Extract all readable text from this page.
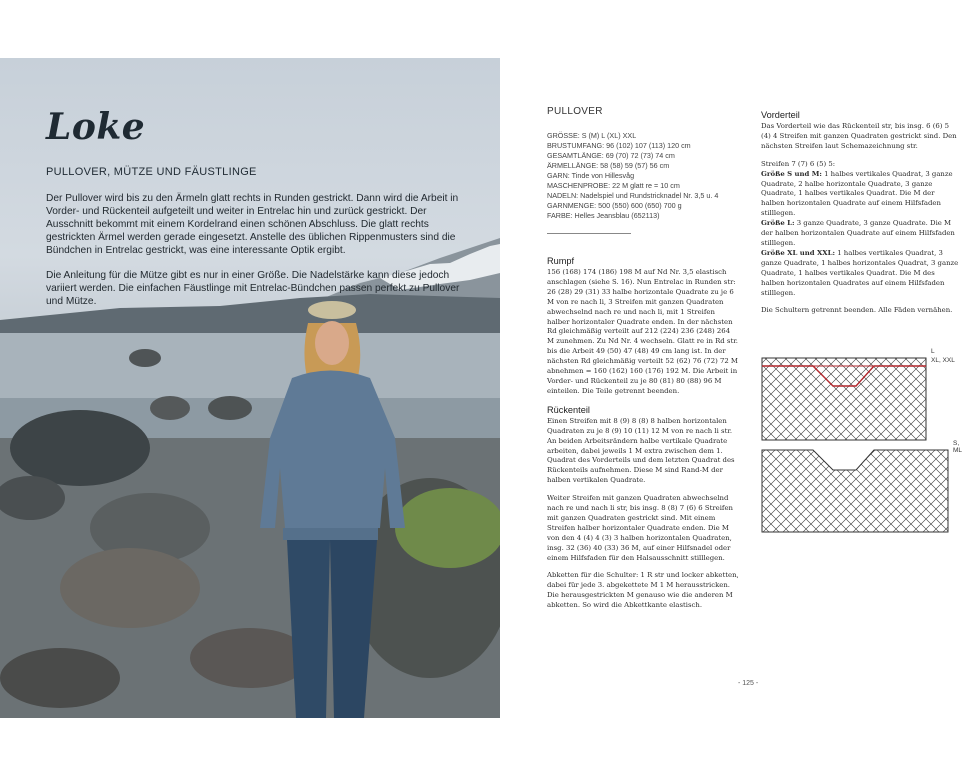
Loke

PULLOVER, MÜTZE UND FÄUSTLINGE

Der Pullover wird bis zu den Ärmeln glatt rechts in Runden gestrickt. Dann wird die Arbeit in Vorder- und Rückenteil aufgeteilt und weiter in Entrelac hin und zurück gestrickt. Der Ausschnitt bekommt mit einem Kordelrand einen schönen Abschluss. Die glatt rechts gestrickten Ärmel werden gerade eingesetzt. Anstelle des üblichen Rippenmusters sind die Bündchen in Entrelac gestrickt, was eine interessante Optik ergibt.

Die Anleitung für die Mütze gibt es nur in einer Größe. Die Nadelstärke kann diese jedoch variiert werden. Die einfachen Fäustlinge mit Entrelac-Bündchen passen perfekt zu Pullover und Mütze.

PULLOVER

GRÖSSE: S (M) L (XL) XXL

BRUSTUMFANG: 96 (102) 107 (113) 120 cm

GESAMTLÄNGE: 69 (70) 72 (73) 74 cm

ÄRMELLÄNGE: 58 (58) 59 (57) 56 cm

GARN: Tinde von Hillesvåg

MASCHENPROBE: 22 M glatt re = 10 cm

NADELN: Nadelspiel und Rundstricknadel Nr. 3,5 u. 4

GARNMENGE: 500 (550) 600 (650) 700 g

FARBE: Helles Jeansblau (652113)

Rumpf

156 (168) 174 (186) 198 M auf Nd Nr. 3,5 elastisch anschlagen (siehe S. 16). Nun Entrelac in Runden str: 26 (28) 29 (31) 33 halbe horizontale Quadrate zu je 6 M von re nach li, 3 Streifen mit ganzen Quadraten abwechselnd nach re und nach li, mit 1 Streifen halber horizontaler Quadrate enden. In der nächsten Rd gleichmäßig verteilt auf 212 (224) 236 (248) 264 M zunehmen. Zu Nd Nr. 4 wechseln. Glatt re in Rd str. bis die Arbeit 49 (50) 47 (48) 49 cm lang ist. In der nächsten Rd gleichmäßig verteilt 52 (62) 76 (72) 72 M abnehmen = 160 (162) 160 (176) 192 M. Die Arbeit in Vorder- und Rückenteil zu je 80 (81) 80 (88) 96 M einteilen. Die Teile getrennt beenden.

Rückenteil

Einen Streifen mit 8 (9) 8 (8) 8 halben horizontalen Quadraten zu je 8 (9) 10 (11) 12 M von re nach li str. An beiden Arbeitsrändern halbe vertikale Quadrate arbeiten, dabei jeweils 1 M extra zwischen dem 1. Quadrat des Vorderteils und dem letzten Quadrat des Rückenteils aufnehmen. Diese M sind Rand-M der halben vertikalen Quadrate.

Weiter Streifen mit ganzen Quadraten abwechselnd nach re und nach li str, bis insg. 8 (8) 7 (6) 6 Streifen mit ganzen Quadraten gestrickt sind. Mit einem Streifen halber horizontaler Quadrate enden. Die M von den 4 (4) 4 (3) 3 halben horizontalen Quadraten, insg. 32 (36) 40 (33) 36 M, auf einer Hilfsnadel oder einem Hilfsfaden für den Halsausschnitt stilllegen.

Abketten für die Schulter: 1 R str und locker abketten, dabei für jede 3. abgekettete M 1 M herausstricken. Die herausgestrickten M genauso wie die anderen M abketten. So wird die Abkettkante elastisch.

Vorderteil

Das Vorderteil wie das Rückenteil str, bis insg. 6 (6) 5 (4) 4 Streifen mit ganzen Quadraten gestrickt sind. Den nächsten Streifen laut Schemazeichnung str.

Streifen 7 (7) 6 (5) 5:

Größe S und M: 1 halbes vertikales Quadrat, 3 ganze Quadrate, 2 halbe horizontale Quadrate, 3 ganze Quadrate, 1 halbes vertikales Quadrat. Die M der halben horizontalen Quadrate auf einem Hilfsfaden stilllegen.

Größe L: 3 ganze Quadrate, 3 ganze Quadrate. Die M der halben horizontalen Quadrate auf einem Hilfsfaden stilllegen.

Größe XL und XXL: 1 halbes vertikales Quadrat, 3 ganze Quadrate, 1 halbes horizontales Quadrat, 3 ganze Quadrate, 1 halbes vertikales Quadrat. Die M des halben horizontalen Quadrates auf einem Hilfsfaden stilllegen.

Die Schultern getrennt beenden. Alle Fäden vernähen.

L
XL, XXL
S, ML
- 125 -
